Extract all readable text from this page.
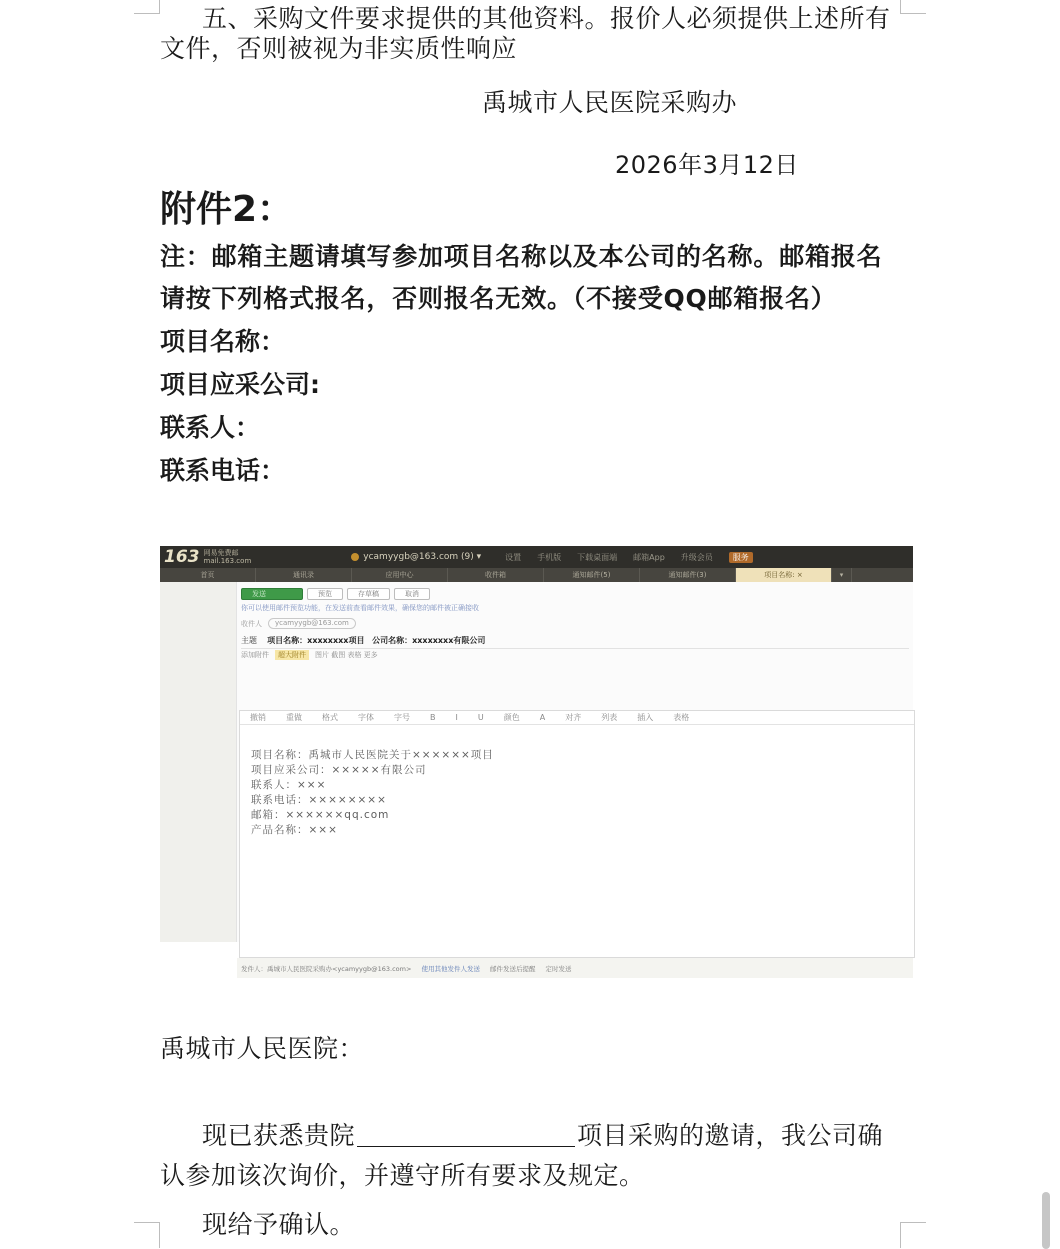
五、采购文件要求提供的其他资料。报价人必须提供上述所有文件，否则被视为非实质性响应

禹城市人民医院采购办

2026年3月12日

附件2：

注：邮箱主题请填写参加项目名称以及本公司的名称。邮箱报名请按下列格式报名，否则报名无效。（不接受QQ邮箱报名）

项目名称：

项目应采公司:

联系人：

联系电话：

163 网易免费邮
mail.163.com	ycamyygb@163.com (9) ▾	设置 手机版 下载桌面端 邮箱App 升级会员	服务
首页	通讯录	应用中心	收件箱	通知邮件(5)	通知邮件(3)	项目名称: ×	▾
发送	预览	存草稿	取消
你可以使用邮件预览功能，在发送前查看邮件效果，确保您的邮件被正确接收
收件人	ycamyygb@163.com
主题 项目名称：xxxxxxxx项目 公司名称：xxxxxxxx有限公司
添加附件	超大附件	图片 截图 表格 更多
撤销	重做	格式	字体	字号	B	I	U	颜色	A	对齐	列表	插入	表格
项目名称：禹城市人民医院关于××××××项目
项目应采公司：×××××有限公司
联系人：×××
联系电话：××××××××
邮箱：××××××qq.com
产品名称：×××
发件人：禹城市人民医院采购办<ycamyygb@163.com> 使用其他发件人发送 邮件发送后提醒 定时发送

禹城市人民医院：

现已获悉贵院	项目采购的邀请，我公司确认参加该次询价，并遵守所有要求及规定。

现给予确认。
